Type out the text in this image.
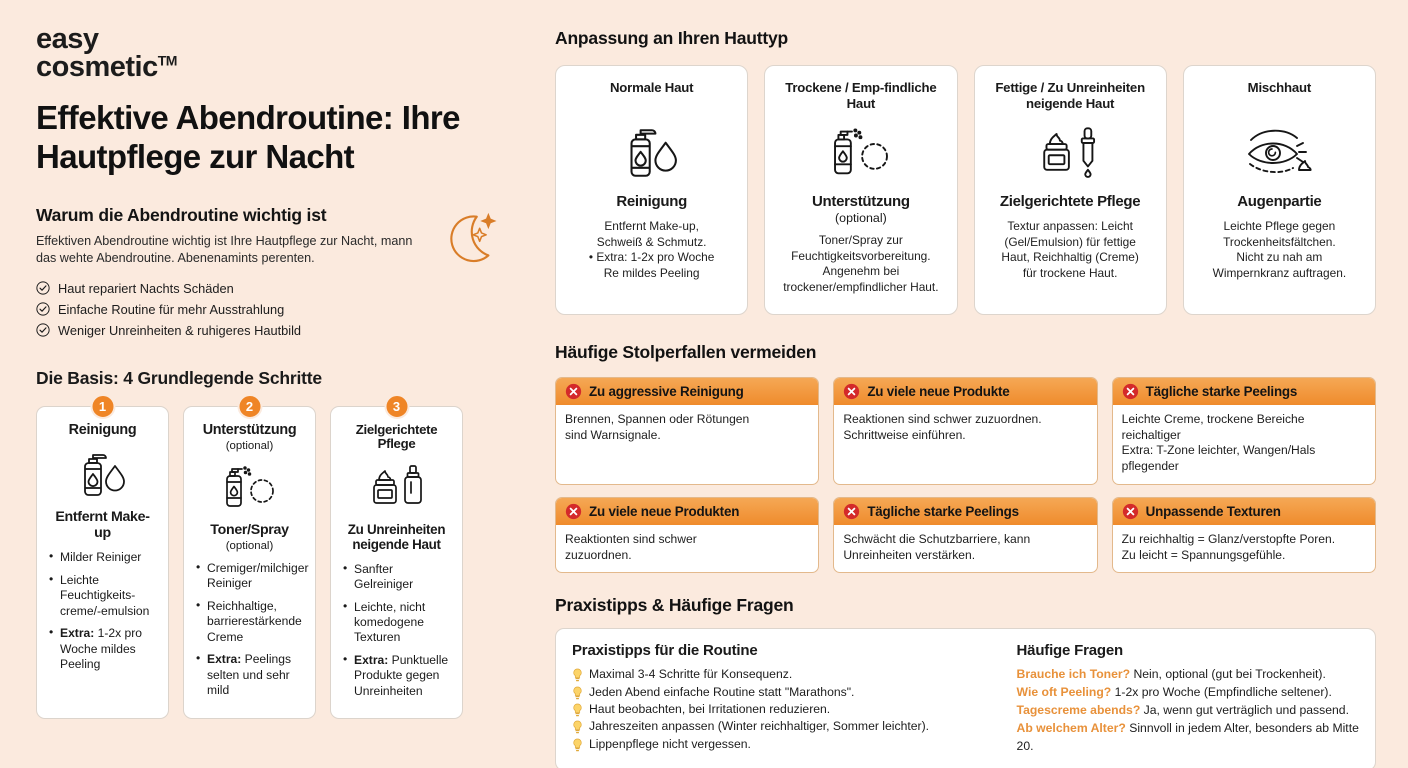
easy
cosmetic™
Effektive Abendroutine: Ihre Hautpflege zur Nacht
Warum die Abendroutine wichtig ist
Effektiven Abendroutine wichtig ist Ihre Hautpflege zur Nacht, mann das wehte Abendroutine. Abenenamints perenten.
Haut repariert Nachts Schäden
Einfache Routine für mehr Ausstrahlung
Weniger Unreinheiten & ruhigeres Hautbild
Die Basis: 4 Grundlegende Schritte
1
Reinigung
Entfernt Make-up
• Milder Reiniger
• Leichte Feuchtigkeits-creme/-emulsion
• Extra: 1-2x pro Woche mildes Peeling
2
Unterstützung
(optional)
Toner/Spray
(optional)
• Cremiger/milchiger Reiniger
• Reichhaltige, barrierestärkende Creme
• Extra: Peelings selten und sehr mild
3
Zielgerichtete Pflege
Zu Unreinheiten neigende Haut
• Sanfter Gelreiniger
• Leichte, nicht komedogene Texturen
• Extra: Punktuelle Produkte gegen Unreinheiten
Anpassung an Ihren Hauttyp
Normale Haut
Reinigung
Entfernt Make-up,
Schweiß & Schmutz.
• Extra: 1-2x pro Woche
Re mildes Peeling
Trockene / Emp-findliche Haut
Unterstützung
(optional)
Toner/Spray zur
Feuchtigkeitsvorbereitung.
Angenehm bei
trockener/empfindlicher Haut.
Fettige / Zu Unreinheiten neigende Haut
Zielgerichtete Pflege
Textur anpassen: Leicht
(Gel/Emulsion) für fettige
Haut, Reichhaltig (Creme)
für trockene Haut.
Mischhaut
Augenpartie
Leichte Pflege gegen
Trockenheitsfältchen.
Nicht zu nah am
Wimpernkranz auftragen.
Häufige Stolperfallen vermeiden
Zu aggressive Reinigung
Brennen, Spannen oder Rötungen
sind Warnsignale.
Zu viele neue Produkte
Reaktionen sind schwer zuzuordnen.
Schrittweise einführen.
Tägliche starke Peelings
Leichte Creme, trockene Bereiche reichaltiger
Extra: T-Zone leichter, Wangen/Hals pflegender
Zu viele neue Produkten
Reaktionten sind schwer
zuzuordnen.
Tägliche starke Peelings
Schwächt die Schutzbarriere, kann
Unreinheiten verstärken.
Unpassende Texturen
Zu reichhaltig = Glanz/verstopfte Poren.
Zu leicht = Spannungsgefühle.
Praxistipps & Häufige Fragen
Praxistipps für die Routine
Maximal 3-4 Schritte für Konsequenz.
Jeden Abend einfache Routine statt "Marathons".
Haut beobachten, bei Irritationen reduzieren.
Jahreszeiten anpassen (Winter reichhaltiger, Sommer leichter).
Lippenpflege nicht vergessen.
Häufige Fragen
Brauche ich Toner? Nein, optional (gut bei Trockenheit).
Wie oft Peeling? 1-2x pro Woche (Empfindliche seltener).
Tagescreme abends? Ja, wenn gut verträglich und passend.
Ab welchem Alter? Sinnvoll in jedem Alter, besonders ab Mitte 20.
